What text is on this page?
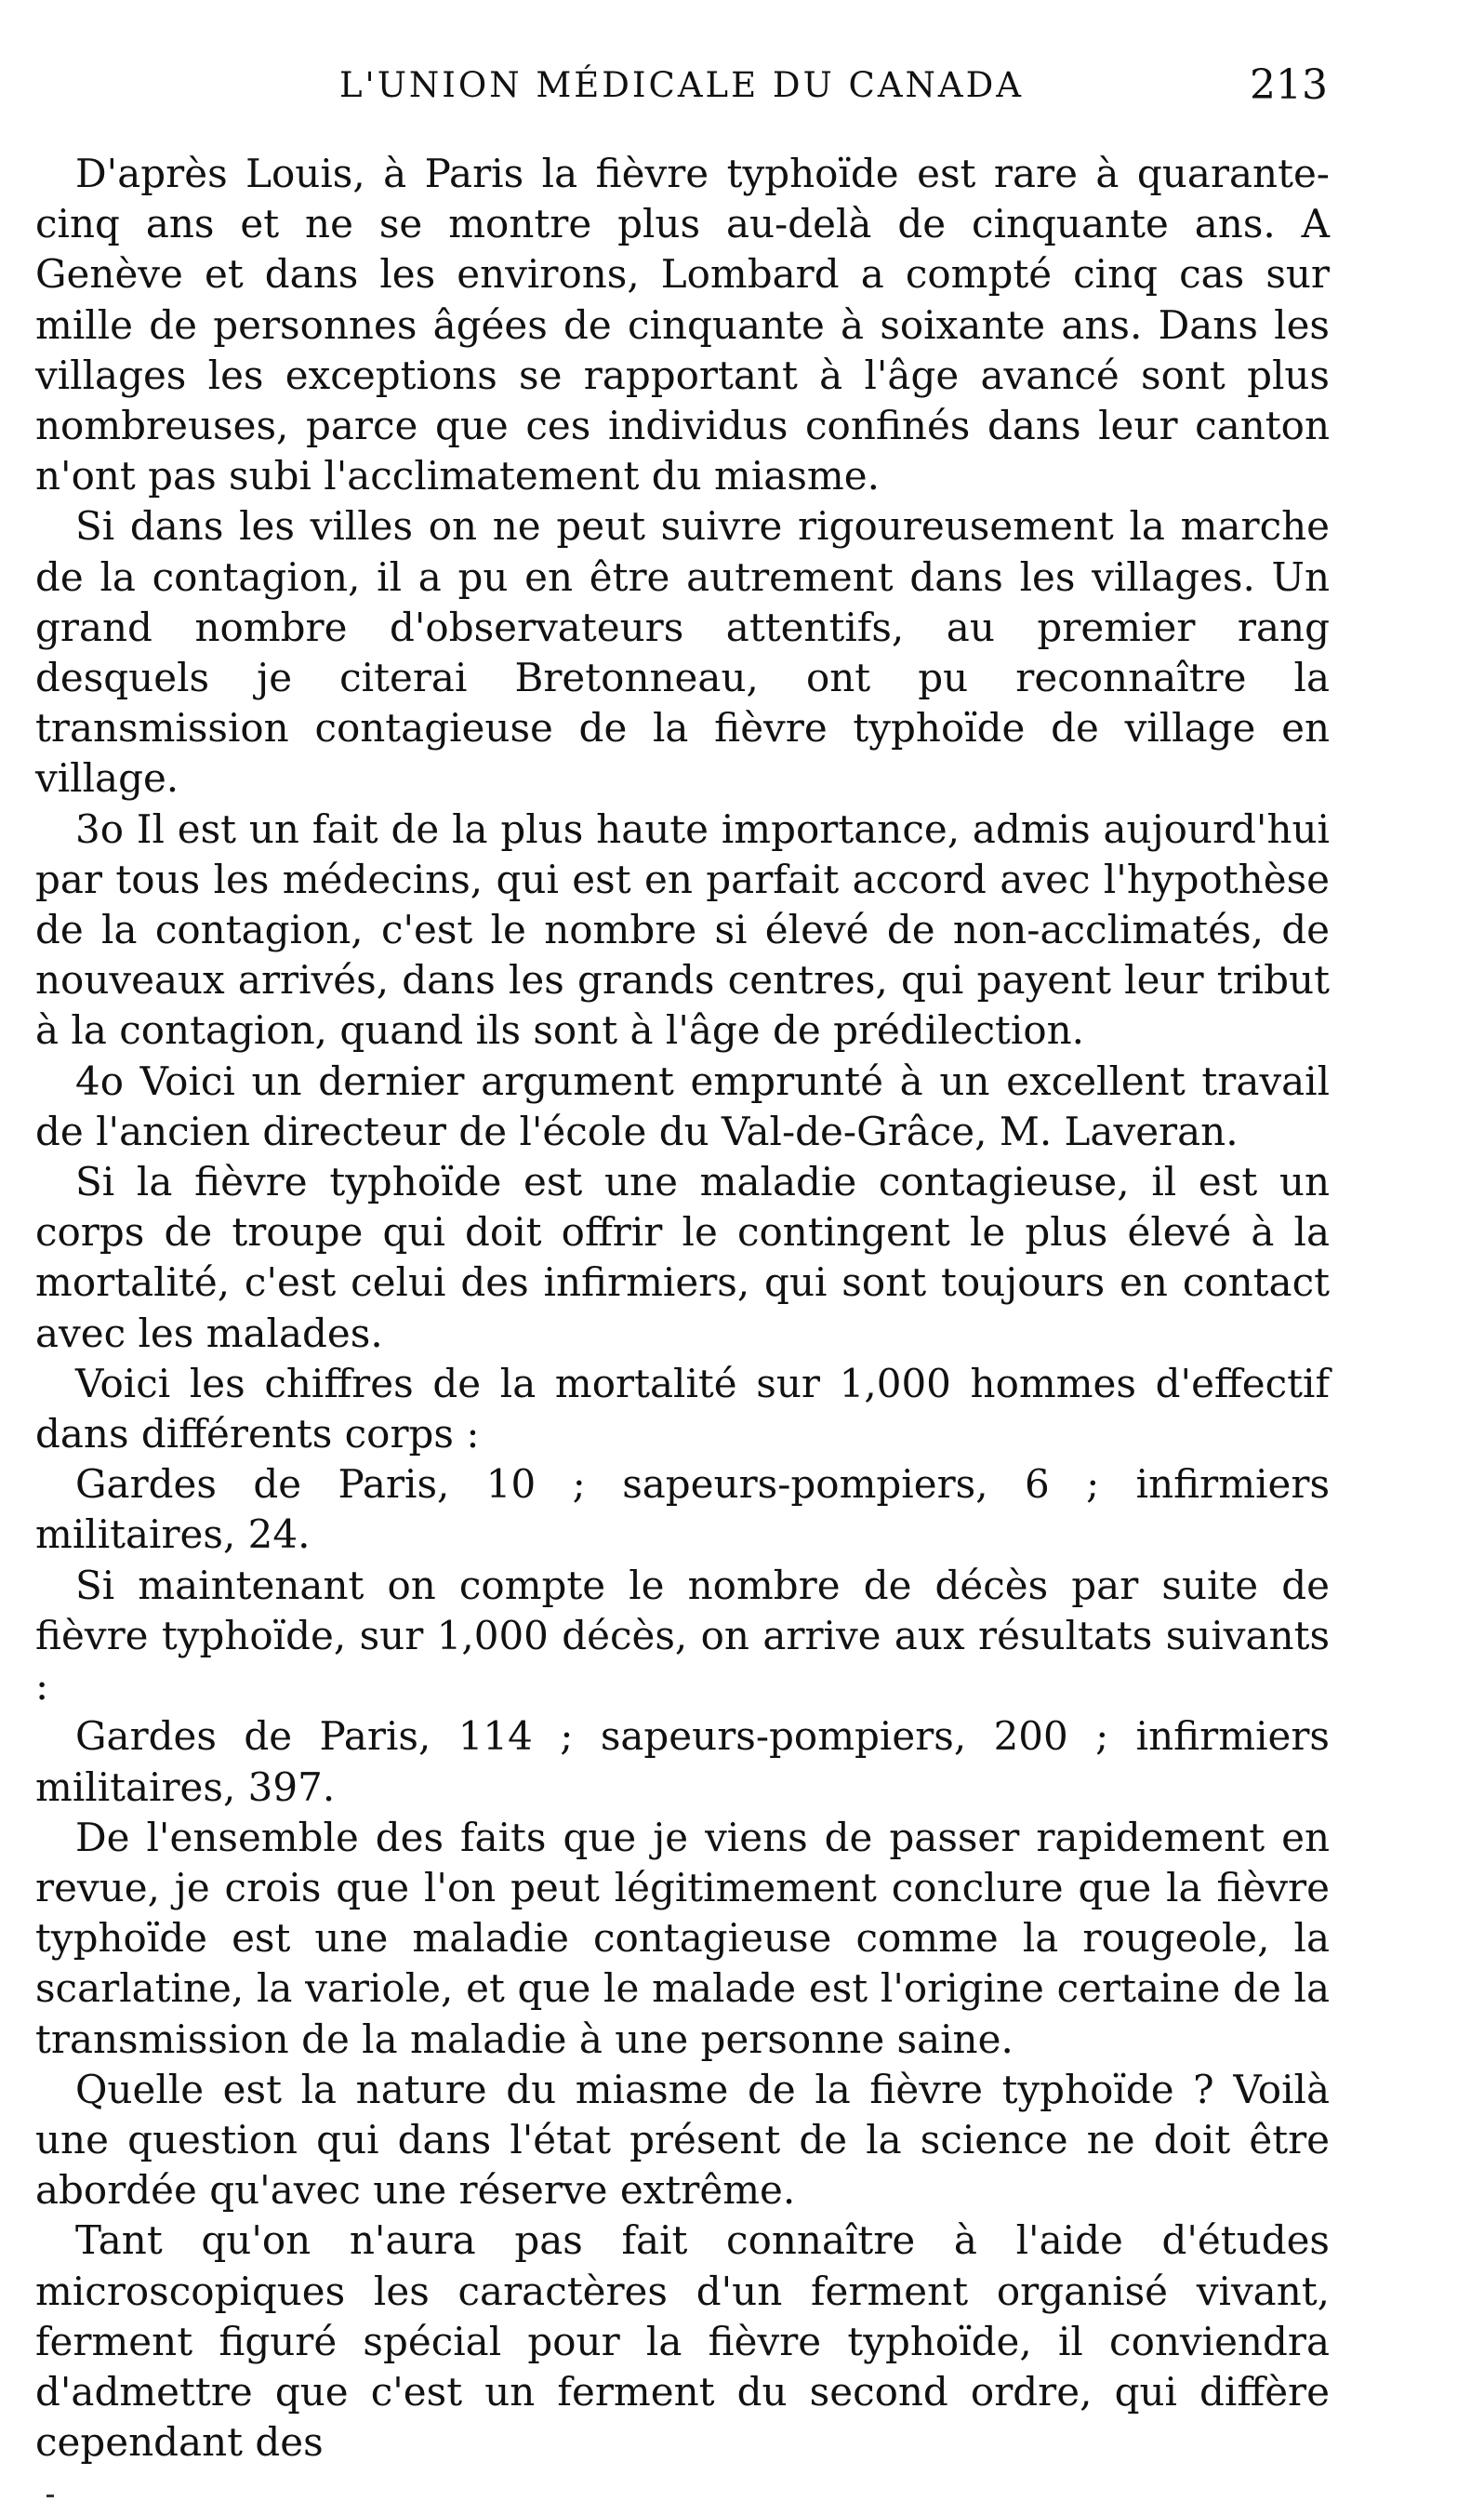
L'UNION MÉDICALE DU CANADA	213

D'après Louis, à Paris la fièvre typhoïde est rare à quarante-cinq ans et ne se montre plus au-delà de cinquante ans. A Genève et dans les environs, Lombard a compté cinq cas sur mille de personnes âgées de cinquante à soixante ans. Dans les villages les exceptions se rapportant à l'âge avancé sont plus nombreuses, parce que ces individus confinés dans leur canton n'ont pas subi l'acclimatement du miasme.

Si dans les villes on ne peut suivre rigoureusement la marche de la contagion, il a pu en être autrement dans les villages. Un grand nombre d'observateurs attentifs, au premier rang desquels je citerai Bretonneau, ont pu reconnaître la transmission contagieuse de la fièvre typhoïde de village en village.

3o Il est un fait de la plus haute importance, admis aujourd'hui par tous les médecins, qui est en parfait accord avec l'hypothèse de la contagion, c'est le nombre si élevé de non-acclimatés, de nouveaux arrivés, dans les grands centres, qui payent leur tribut à la contagion, quand ils sont à l'âge de prédilection.

4o Voici un dernier argument emprunté à un excellent travail de l'ancien directeur de l'école du Val-de-Grâce, M. Laveran.

Si la fièvre typhoïde est une maladie contagieuse, il est un corps de troupe qui doit offrir le contingent le plus élevé à la mortalité, c'est celui des infirmiers, qui sont toujours en contact avec les malades.

Voici les chiffres de la mortalité sur 1,000 hommes d'effectif dans différents corps :

Gardes de Paris, 10 ; sapeurs-pompiers, 6 ; infirmiers militaires, 24.

Si maintenant on compte le nombre de décès par suite de fièvre typhoïde, sur 1,000 décès, on arrive aux résultats suivants :

Gardes de Paris, 114 ; sapeurs-pompiers, 200 ; infirmiers militaires, 397.

De l'ensemble des faits que je viens de passer rapidement en revue, je crois que l'on peut légitimement conclure que la fièvre typhoïde est une maladie contagieuse comme la rougeole, la scarlatine, la variole, et que le malade est l'origine certaine de la transmission de la maladie à une personne saine.

Quelle est la nature du miasme de la fièvre typhoïde ? Voilà une question qui dans l'état présent de la science ne doit être abordée qu'avec une réserve extrême.

Tant qu'on n'aura pas fait connaître à l'aide d'études microscopiques les caractères d'un ferment organisé vivant, ferment figuré spécial pour la fièvre typhoïde, il conviendra d'admettre que c'est un ferment du second ordre, qui diffère cependant des
